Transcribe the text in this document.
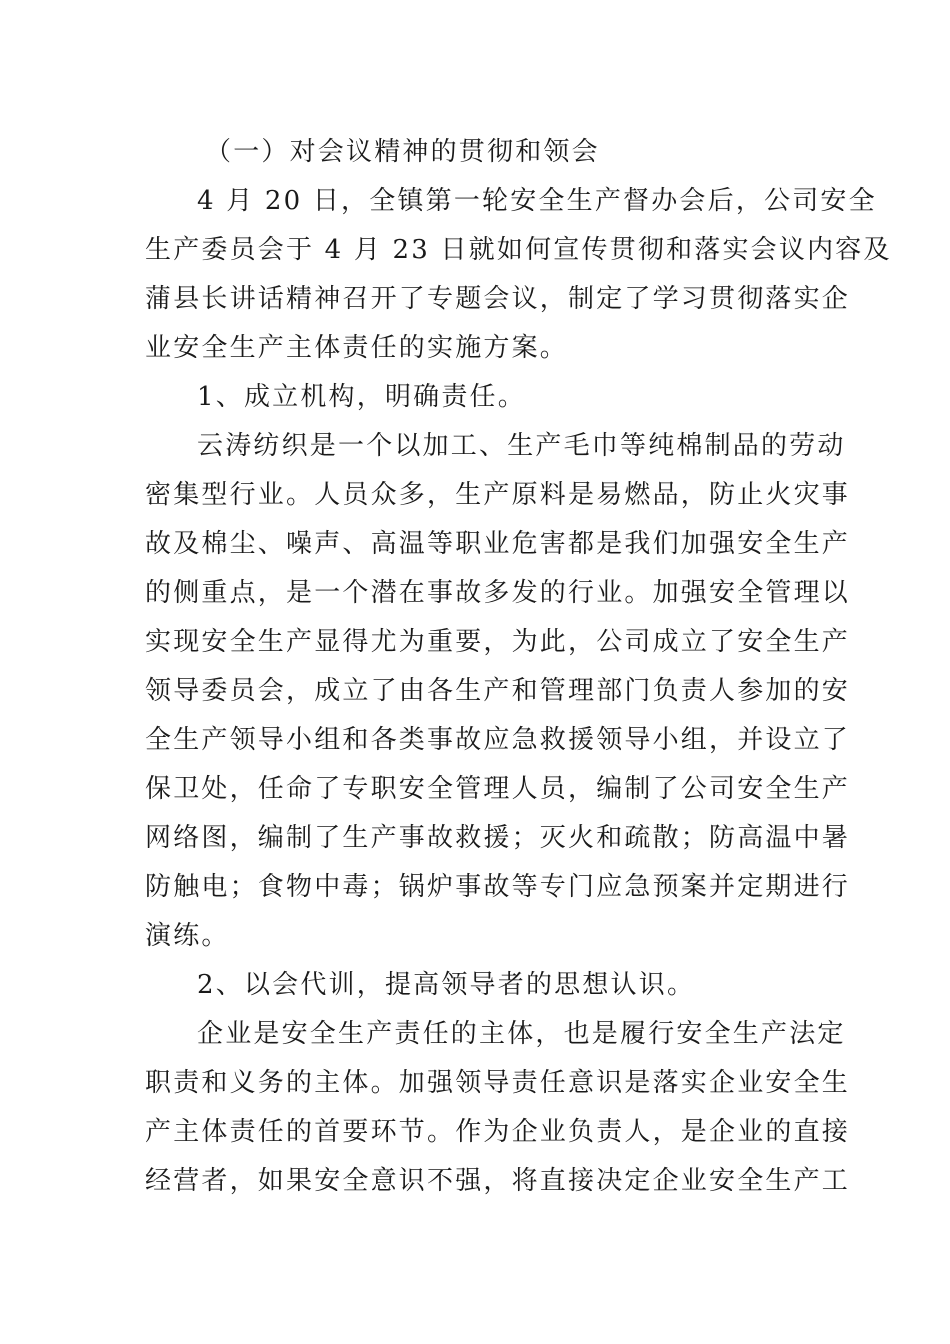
（一）对会议精神的贯彻和领会
4 月 20 日，全镇第一轮安全生产督办会后，公司安全
生产委员会于 4 月 23 日就如何宣传贯彻和落实会议内容及
蒲县长讲话精神召开了专题会议，制定了学习贯彻落实企
业安全生产主体责任的实施方案。
1、成立机构，明确责任。
云涛纺织是一个以加工、生产毛巾等纯棉制品的劳动
密集型行业。人员众多，生产原料是易燃品，防止火灾事
故及棉尘、噪声、高温等职业危害都是我们加强安全生产
的侧重点，是一个潜在事故多发的行业。加强安全管理以
实现安全生产显得尤为重要，为此，公司成立了安全生产
领导委员会，成立了由各生产和管理部门负责人参加的安
全生产领导小组和各类事故应急救援领导小组，并设立了
保卫处，任命了专职安全管理人员，编制了公司安全生产
网络图，编制了生产事故救援；灭火和疏散；防高温中暑
防触电；食物中毒；锅炉事故等专门应急预案并定期进行
演练。
2、以会代训，提高领导者的思想认识。
企业是安全生产责任的主体，也是履行安全生产法定
职责和义务的主体。加强领导责任意识是落实企业安全生
产主体责任的首要环节。作为企业负责人，是企业的直接
经营者，如果安全意识不强，将直接决定企业安全生产工
